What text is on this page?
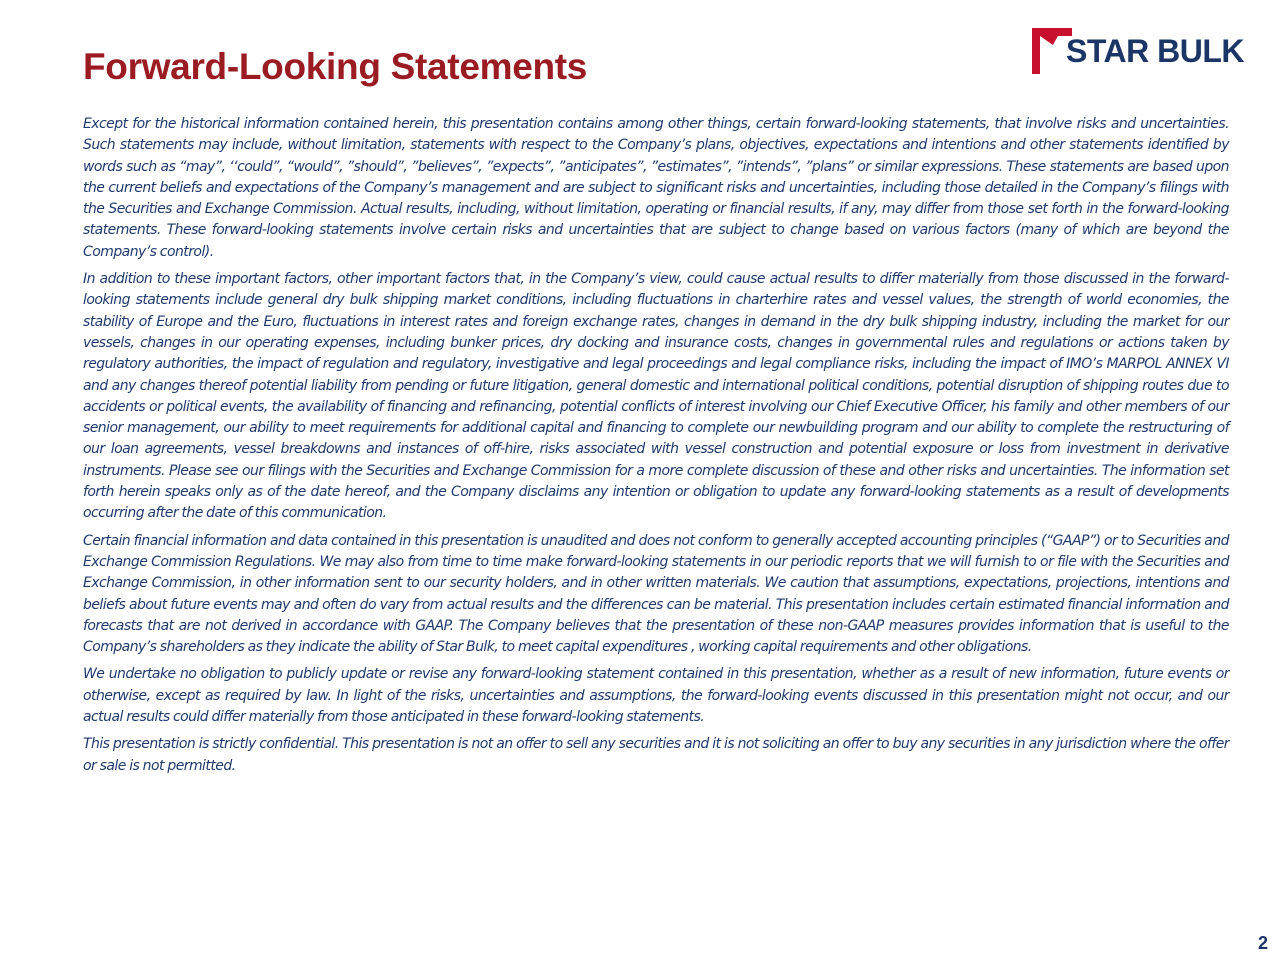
Forward-Looking Statements	STAR BULK

Except for the historical information contained herein, this presentation contains among other things, certain forward-looking statements, that involve risks and uncertainties. Such statements may include, without limitation, statements with respect to the Company’s plans, objectives, expectations and intentions and other statements identified by words such as “may”, ‘‘could”, “would”, ”should”, ”believes”, ”expects”, ”anticipates”, ”estimates”, ”intends”, ”plans” or similar expressions. These statements are based upon the current beliefs and expectations of the Company’s management and are subject to significant risks and uncertainties, including those detailed in the Company’s filings with the Securities and Exchange Commission. Actual results, including, without limitation, operating or financial results, if any, may differ from those set forth in the forward-looking statements. These forward-looking statements involve certain risks and uncertainties that are subject to change based on various factors (many of which are beyond the Company’s control).

In addition to these important factors, other important factors that, in the Company’s view, could cause actual results to differ materially from those discussed in the forward-looking statements include general dry bulk shipping market conditions, including fluctuations in charterhire rates and vessel values, the strength of world economies, the stability of Europe and the Euro, fluctuations in interest rates and foreign exchange rates, changes in demand in the dry bulk shipping industry, including the market for our vessels, changes in our operating expenses, including bunker prices, dry docking and insurance costs, changes in governmental rules and regulations or actions taken by regulatory authorities, the impact of regulation and regulatory, investigative and legal proceedings and legal compliance risks, including the impact of IMO’s MARPOL ANNEX VI and any changes thereof potential liability from pending or future litigation, general domestic and international political conditions, potential disruption of shipping routes due to accidents or political events, the availability of financing and refinancing, potential conflicts of interest involving our Chief Executive Officer, his family and other members of our senior management, our ability to meet requirements for additional capital and financing to complete our newbuilding program and our ability to complete the restructuring of our loan agreements, vessel breakdowns and instances of off-hire, risks associated with vessel construction and potential exposure or loss from investment in derivative instruments. Please see our filings with the Securities and Exchange Commission for a more complete discussion of these and other risks and uncertainties. The information set forth herein speaks only as of the date hereof, and the Company disclaims any intention or obligation to update any forward-looking statements as a result of developments occurring after the date of this communication.

Certain financial information and data contained in this presentation is unaudited and does not conform to generally accepted accounting principles (“GAAP”) or to Securities and Exchange Commission Regulations. We may also from time to time make forward-looking statements in our periodic reports that we will furnish to or file with the Securities and Exchange Commission, in other information sent to our security holders, and in other written materials. We caution that assumptions, expectations, projections, intentions and beliefs about future events may and often do vary from actual results and the differences can be material. This presentation includes certain estimated financial information and forecasts that are not derived in accordance with GAAP. The Company believes that the presentation of these non-GAAP measures provides information that is useful to the Company’s shareholders as they indicate the ability of Star Bulk, to meet capital expenditures , working capital requirements and other obligations.

We undertake no obligation to publicly update or revise any forward-looking statement contained in this presentation, whether as a result of new information, future events or otherwise, except as required by law. In light of the risks, uncertainties and assumptions, the forward-looking events discussed in this presentation might not occur, and our actual results could differ materially from those anticipated in these forward-looking statements.

This presentation is strictly confidential. This presentation is not an offer to sell any securities and it is not soliciting an offer to buy any securities in any jurisdiction where the offer or sale is not permitted.

2
